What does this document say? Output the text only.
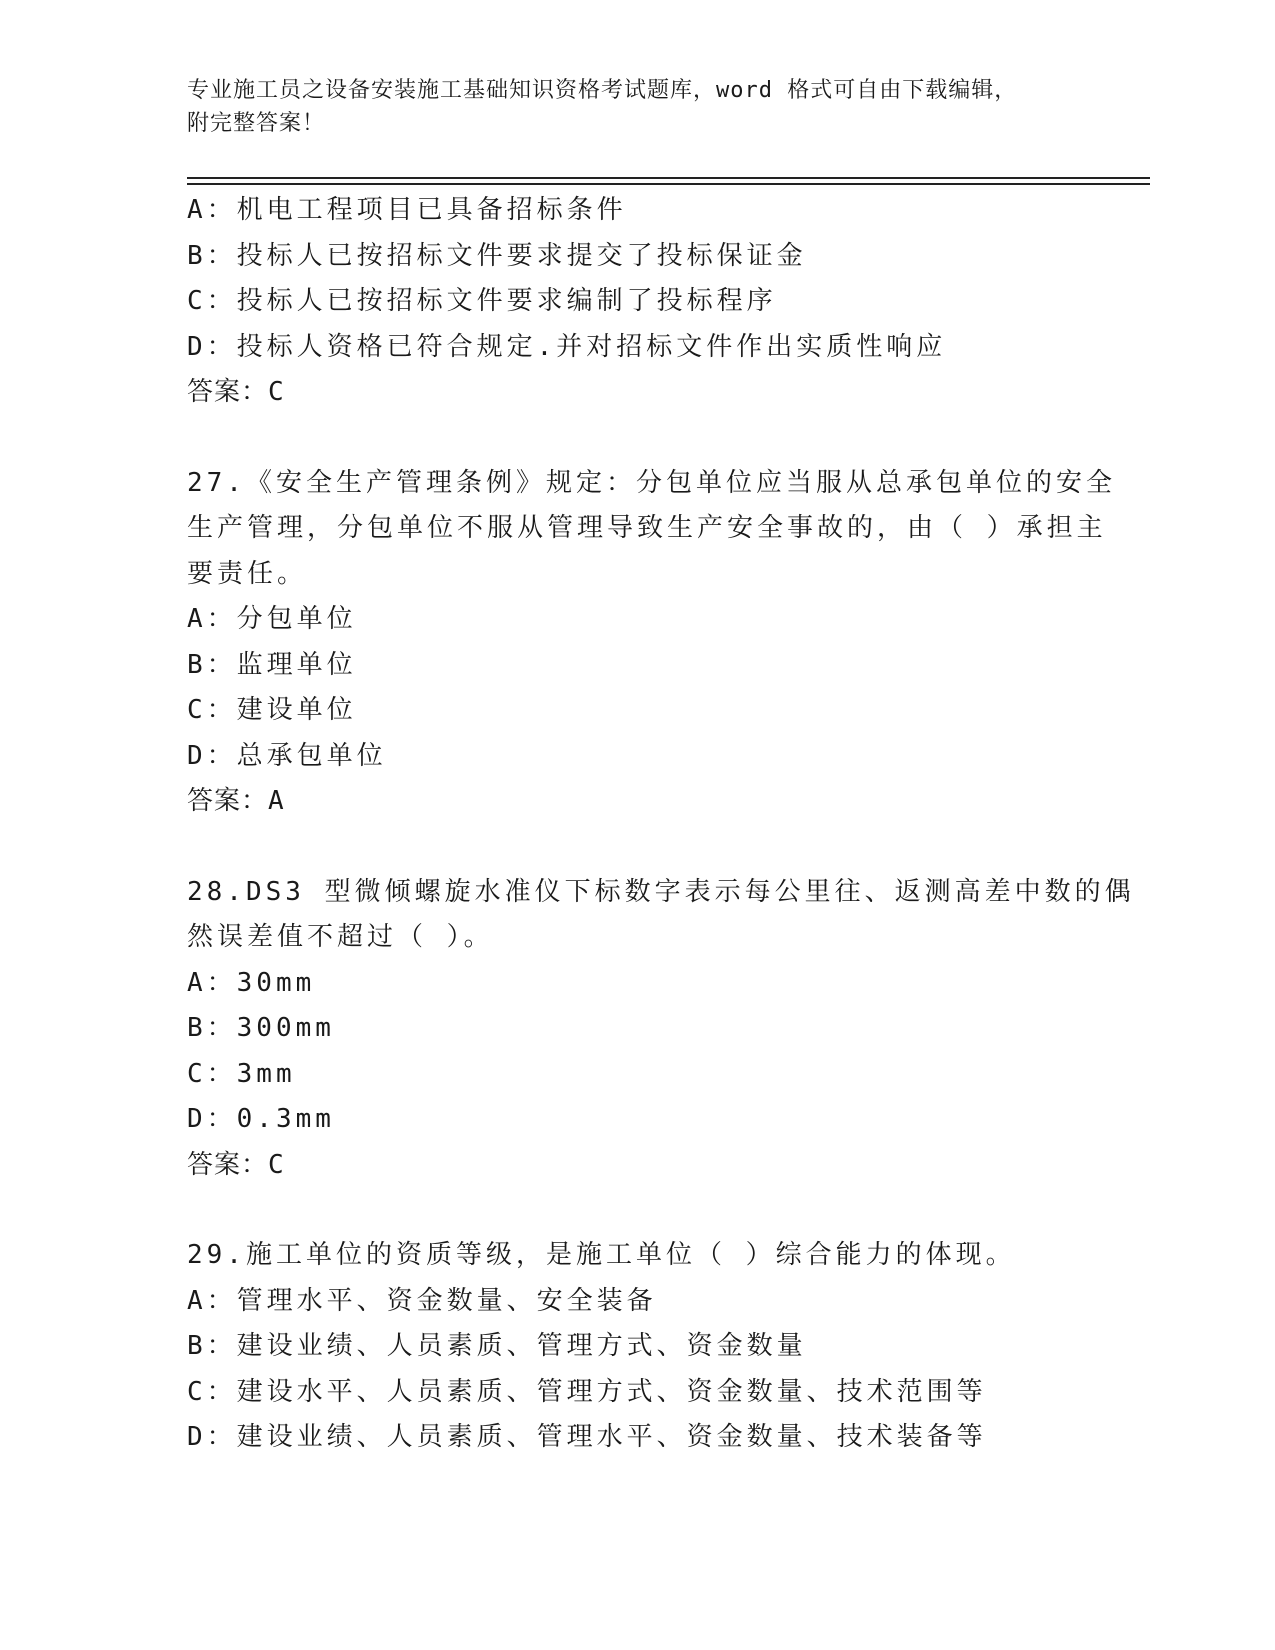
专业施工员之设备安装施工基础知识资格考试题库，word 格式可自由下载编辑，
附完整答案！
A：机电工程项目已具备招标条件
B：投标人已按招标文件要求提交了投标保证金
C：投标人已按招标文件要求编制了投标程序
D：投标人资格已符合规定.并对招标文件作出实质性响应
答案：C
27.《安全生产管理条例》规定：分包单位应当服从总承包单位的安全
生产管理，分包单位不服从管理导致生产安全事故的，由（ ）承担主
要责任。
A：分包单位
B：监理单位
C：建设单位
D：总承包单位
答案：A
28.DS3 型微倾螺旋水准仪下标数字表示每公里往、返测高差中数的偶
然误差值不超过（ ）。
A：30mm
B：300mm
C：3mm
D：0.3mm
答案：C
29.施工单位的资质等级，是施工单位（ ）综合能力的体现。
A：管理水平、资金数量、安全装备
B：建设业绩、人员素质、管理方式、资金数量
C：建设水平、人员素质、管理方式、资金数量、技术范围等
D：建设业绩、人员素质、管理水平、资金数量、技术装备等
